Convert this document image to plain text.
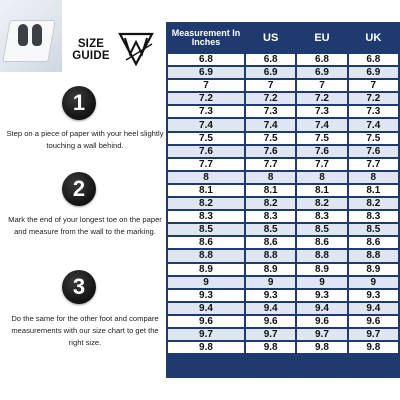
SIZE
GUIDE
1
Step on a piece of paper with your heel slightly touching a wall behind.
2
Mark the end of your longest toe on the paper and measure from the wall to the marking.
3
Do the same for the other foot and compare measurements with our size chart to get the right size.
Measurement In Inches	US	EU	UK
6.8	6.8	6.8	6.8
6.9	6.9	6.9	6.9
7	7	7	7
7.2	7.2	7.2	7.2
7.3	7.3	7.3	7.3
7.4	7.4	7.4	7.4
7.5	7.5	7.5	7.5
7.6	7.6	7.6	7.6
7.7	7.7	7.7	7.7
8	8	8	8
8.1	8.1	8.1	8.1
8.2	8.2	8.2	8.2
8.3	8.3	8.3	8.3
8.5	8.5	8.5	8.5
8.6	8.6	8.6	8.6
8.8	8.8	8.8	8.8
8.9	8.9	8.9	8.9
9	9	9	9
9.3	9.3	9.3	9.3
9.4	9.4	9.4	9.4
9.6	9.6	9.6	9.6
9.7	9.7	9.7	9.7
9.8	9.8	9.8	9.8
